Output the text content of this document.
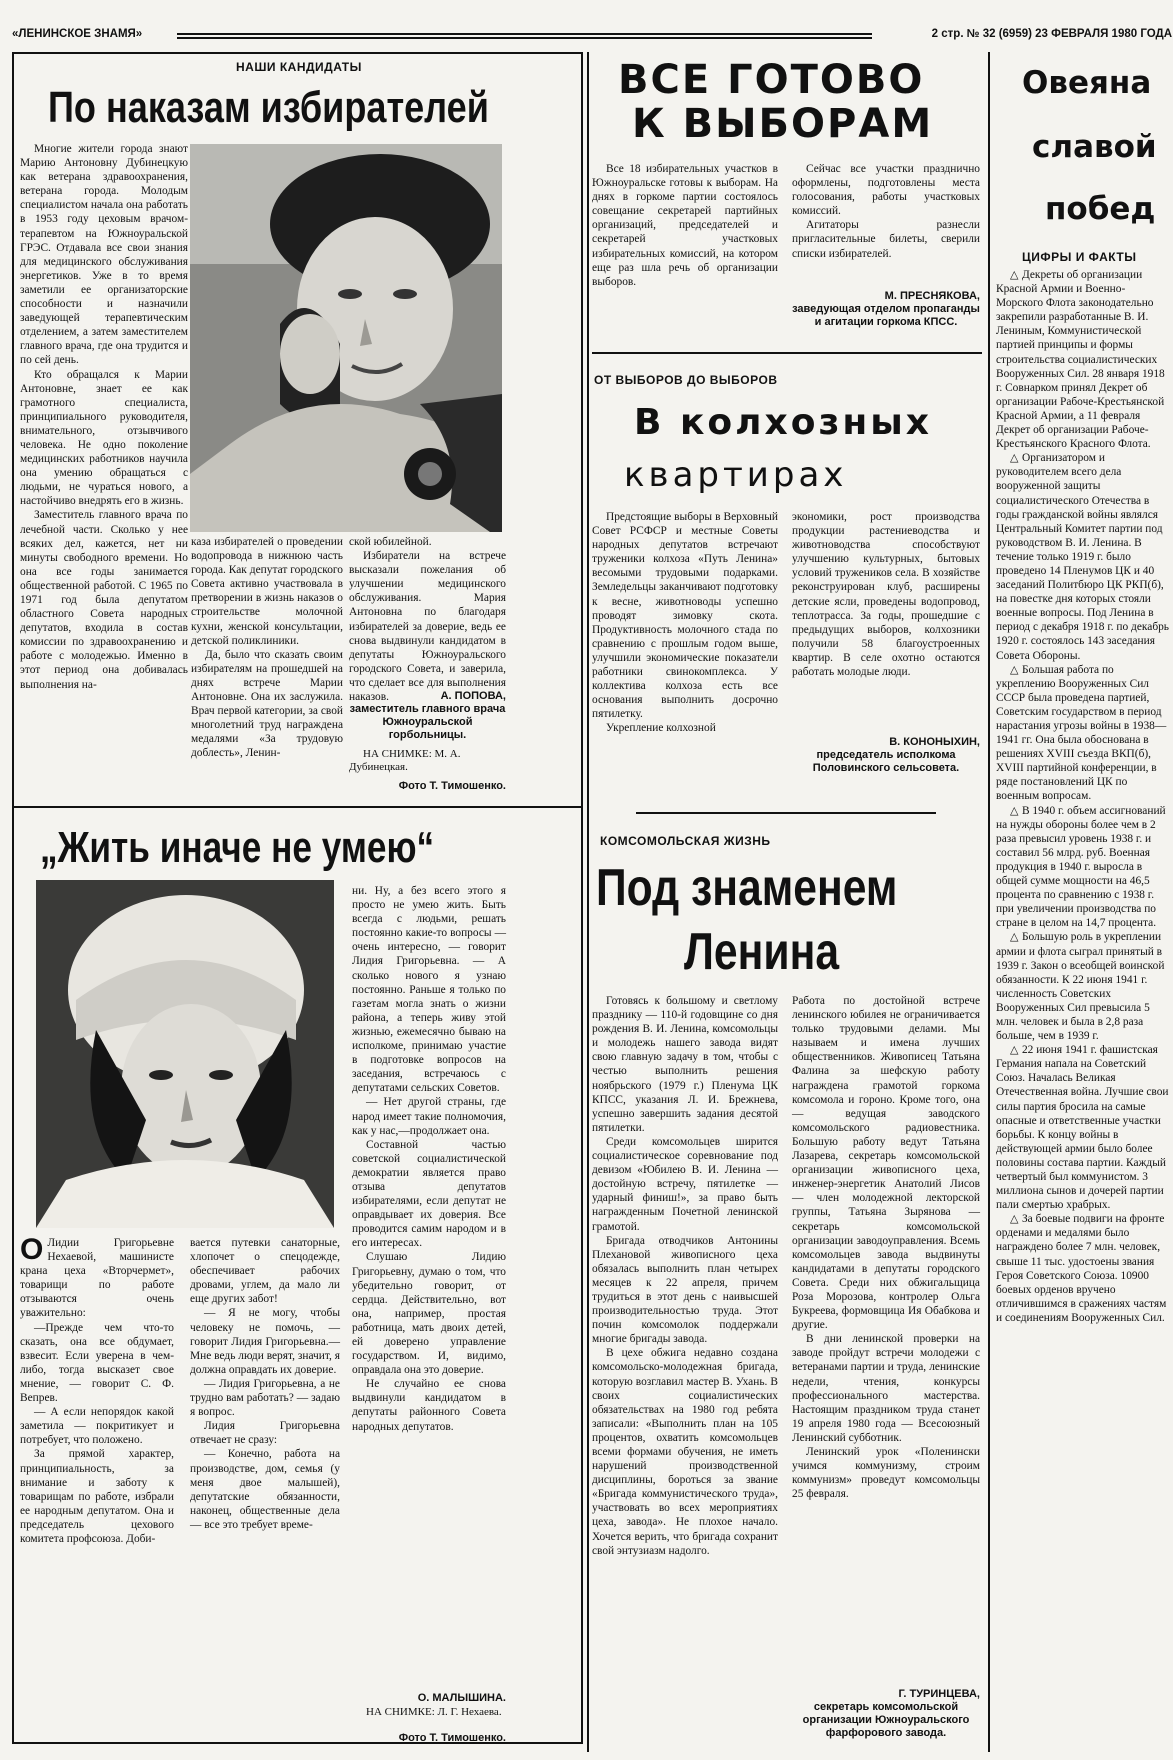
«ЛЕНИНСКОЕ ЗНАМЯ»	2 стр. № 32 (6959) 23 ФЕВРАЛЯ 1980 ГОДА
НАШИ КАНДИДАТЫ
По наказам избирателей

Многие жители города знают Марию Антоновну Дубинецкую как ветерана здравоохранения, ветерана города. Молодым специалистом начала она работать в 1953 году цеховым врачом-терапевтом на Южноуральской ГРЭС. Отдавала все свои знания для медицинского обслуживания энергетиков. Уже в то время заметили ее организаторские способности и назначили заведующей терапевтическим отделением, а затем заместителем главного врача, где она трудится и по сей день.

Кто обращался к Марии Антоновне, знает ее как грамотного специалиста, принципиального руководителя, внимательного, отзывчивого человека. Не одно поколение медицинских работников научила она умению обращаться с людьми, не чураться нового, а настойчиво внедрять его в жизнь.

Заместитель главного врача по лечебной части. Сколько у нее всяких дел, кажется, нет ни минуты свободного времени. Но она все годы занимается общественной работой. С 1965 по 1971 год была депутатом областного Совета народных депутатов, входила в состав комиссии по здравоохранению и работе с молодежью. Именно в этот период она добивалась выполнения на-

каза избирателей о проведении водопровода в нижнюю часть города. Как депутат городского Совета активно участвовала в претворении в жизнь наказов о строительстве молочной кухни, женской консультации, детской поликлиники.

Да, было что сказать своим избирателям на прошедшей на днях встрече Марии Антоновне. Она их заслужила. Врач первой категории, за свой многолетний труд награждена медалями «За трудовую доблесть», Ленин-

ской юбилейной.

Избиратели на встрече высказали пожелания об улучшении медицинского обслуживания. Мария Антоновна по благодаря избирателей за доверие, ведь ее снова выдвинули кандидатом в депутаты Южноуральского городского Совета, и заверила, что сделает все для выполнения наказов.	А. ПОПОВА,
заместитель главного врача Южноуральской горбольницы.
НА СНИМКЕ: М. А. Дубинецкая.
Фото Т. Тимошенко.
„Жить иначе не умею“

О Лидии Григорьевне Нехаевой, машинисте крана цеха «Вторчермет», товарищи по работе отзываются очень уважительно:

—Прежде чем что-то сказать, она все обдумает, взвесит. Если уверена в чем-либо, тогда высказет свое мнение, — говорит С. Ф. Вепрев.

— А если непорядок какой заметила — покритикует и потребует, что положено.

За прямой характер, принципиальность, за внимание и заботу к товарищам по работе, избрали ее народным депутатом. Она и председатель цехового комитета профсоюза. Доби-

вается путевки санаторные, хлопочет о спецодежде, обеспечивает рабочих дровами, углем, да мало ли еще других забот!

— Я не могу, чтобы человеку не помочь, — говорит Лидия Григорьевна.— Мне ведь люди верят, значит, я должна оправдать их доверие.

— Лидия Григорьевна, а не трудно вам работать? — задаю я вопрос.

Лидия Григорьевна отвечает не сразу:

— Конечно, работа на производстве, дом, семья (у меня двое малышей), депутатские обязанности, наконец, общественные дела — все это требует време-

ни. Ну, а без всего этого я просто не умею жить. Быть всегда с людьми, решать постоянно какие-то вопросы — очень интересно, — говорит Лидия Григорьевна. — А сколько нового я узнаю постоянно. Раньше я только по газетам могла знать о жизни района, а теперь живу этой жизнью, ежемесячно бываю на исполкоме, принимаю участие в подготовке вопросов на заседания, встречаюсь с депутатами сельских Советов.

— Нет другой страны, где народ имеет такие полномочия, как у нас,—продолжает она.

Составной частью советской социалистической демократии является право отзыва депутатов избирателями, если депутат не оправдывает их доверия. Все проводится самим народом и в его интересах.

Слушаю Лидию Григорьевну, думаю о том, что убедительно говорит, от сердца. Действительно, вот она, например, простая работница, мать двоих детей, ей доверено управление государством. И, видимо, оправдала она это доверие.

Не случайно ее снова выдвинули кандидатом в депутаты районного Совета народных депутатов.

О. МАЛЫШИНА.
НА СНИМКЕ: Л. Г. Нехаева.
Фото Т. Тимошенко.
ВСЕ ГОТОВО
К ВЫБОРАМ

Все 18 избирательных участков в Южноуральске готовы к выборам. На днях в горкоме партии состоялось совещание секретарей партийных организаций, председателей и секретарей участковых избирательных комиссий, на котором еще раз шла речь об организации выборов.

Сейчас все участки празднично оформлены, подготовлены места голосования, работы участковых комиссий.

Агитаторы разнесли пригласительные билеты, сверили списки избирателей.

М. ПРЕСНЯКОВА,
заведующая отделом пропаганды и агитации горкома КПСС.
ОТ ВЫБОРОВ ДО ВЫБОРОВ
В колхозных
квартирах

Предстоящие выборы в Верховный Совет РСФСР и местные Советы народных депутатов встречают труженики колхоза «Путь Ленина» весомыми трудовыми подарками. Земледельцы заканчивают подготовку к весне, животноводы успешно проводят зимовку скота. Продуктивность молочного стада по сравнению с прошлым годом выше, улучшили экономические показатели работники свинокомплекса. У коллектива колхоза есть все основания выполнить досрочно пятилетку.

Укрепление колхозной

экономики, рост производства продукции растениеводства и животноводства способствуют улучшению культурных, бытовых условий тружеников села. В хозяйстве реконструирован клуб, расширены детские ясли, проведены водопровод, теплотрасса. За годы, прошедшие с предыдущих выборов, колхозники получили 58 благоустроенных квартир. В селе охотно остаются работать молодые люди.

В. КОНОНЫХИН,
председатель исполкома Половинского сельсовета.
КОМСОМОЛЬСКАЯ ЖИЗНЬ
Под знаменем
Ленина

Готовясь к большому и светлому празднику — 110-й годовщине со дня рождения В. И. Ленина, комсомольцы и молодежь нашего завода видят свою главную задачу в том, чтобы с честью выполнить решения ноябрьского (1979 г.) Пленума ЦК КПСС, указания Л. И. Брежнева, успешно завершить задания десятой пятилетки.

Среди комсомольцев ширится социалистическое соревнование под девизом «Юбилею В. И. Ленина — достойную встречу, пятилетке — ударный финиш!», за право быть награжденным Почетной ленинской грамотой.

Бригада отводчиков Антонины Плехановой живописного цеха обязалась выполнить план четырех месяцев к 22 апреля, причем трудиться в этот день с наивысшей производительностью труда. Этот почин комсомолок поддержали многие бригады завода.

В цехе обжига недавно создана комсомольско-молодежная бригада, которую возглавил мастер В. Ухань. В своих социалистических обязательствах на 1980 год ребята записали: «Выполнить план на 105 процентов, охватить комсомольцев всеми формами обучения, не иметь нарушений производственной дисциплины, бороться за звание «Бригада коммунистического труда», участвовать во всех мероприятиях цеха, завода». Не плохое начало. Хочется верить, что бригада сохранит свой энтузиазм надолго.

Работа по достойной встрече ленинского юбилея не ограничивается только трудовыми делами. Мы называем и имена лучших общественников. Живописец Татьяна Фалина за шефскую работу награждена грамотой горкома комсомола и гороно. Кроме того, она — ведущая заводского комсомольского радиовестника. Большую работу ведут Татьяна Лазарева, секретарь комсомольской организации живописного цеха, инженер-энергетик Анатолий Лисов — член молодежной лекторской группы, Татьяна Зырянова — секретарь комсомольской организации заводоуправления. Всемь комсомольцев завода выдвинуты кандидатами в депутаты городского Совета. Среди них обжигальщица Роза Морозова, контролер Ольга Букреева, формовщица Ия Обабкова и другие.

В дни ленинской проверки на заводе пройдут встречи молодежи с ветеранами партии и труда, ленинские недели, чтения, конкурсы профессионального мастерства. Настоящим праздником труда станет 19 апреля 1980 года — Всесоюзный Ленинский субботник.

Ленинский урок «Поленински учимся коммунизму, строим коммунизм» проведут комсомольцы 25 февраля.

Г. ТУРИНЦЕВА,
секретарь комсомольской организации Южноуральского фарфорового завода.
Овеяна
славой
побед
ЦИФРЫ И ФАКТЫ

△ Декреты об организации Красной Армии и Военно-Морского Флота законодательно закрепили разработанные В. И. Лениным, Коммунистической партией принципы и формы строительства социалистических Вооруженных Сил. 28 января 1918 г. Совнарком принял Декрет об организации Рабоче-Крестьянской Красной Армии, а 11 февраля Декрет об организации Рабоче-Крестьянского Красного Флота.

△ Организатором и руководителем всего дела вооруженной защиты социалистического Отечества в годы гражданской войны являлся Центральный Комитет партии под руководством В. И. Ленина. В течение только 1919 г. было проведено 14 Пленумов ЦК и 40 заседаний Политбюро ЦК РКП(б), на повестке дня которых стояли военные вопросы. Под Ленина в период с декабря 1918 г. по декабрь 1920 г. состоялось 143 заседания Совета Обороны.

△ Большая работа по укреплению Вооруженных Сил СССР была проведена партией, Советским государством в период нарастания угрозы войны в 1938—1941 гг. Она была обоснована в решениях XVIII съезда ВКП(б), XVIII партийной конференции, в ряде постановлений ЦК по военным вопросам.

△ В 1940 г. объем ассигнований на нужды обороны более чем в 2 раза превысил уровень 1938 г. и составил 56 млрд. руб. Военная продукция в 1940 г. выросла в общей сумме мощности на 46,5 процента по сравнению с 1938 г. при увеличении производства по стране в целом на 14,7 процента.

△ Большую роль в укреплении армии и флота сыграл принятый в 1939 г. Закон о всеобщей воинской обязанности. К 22 июня 1941 г. численность Советских Вооруженных Сил превысила 5 млн. человек и была в 2,8 раза больше, чем в 1939 г.

△ 22 июня 1941 г. фашистская Германия напала на Советский Союз. Началась Великая Отечественная война. Лучшие свои силы партия бросила на самые опасные и ответственные участки борьбы. К концу войны в действующей армии было более половины состава партии. Каждый четвертый был коммунистом. 3 миллиона сынов и дочерей партии пали смертью храбрых.

△ За боевые подвиги на фронте орденами и медалями было награждено более 7 млн. человек, свыше 11 тыс. удостоены звания Героя Советского Союза. 10900 боевых орденов вручено отличившимся в сражениях частям и соединениям Вооруженных Сил.
